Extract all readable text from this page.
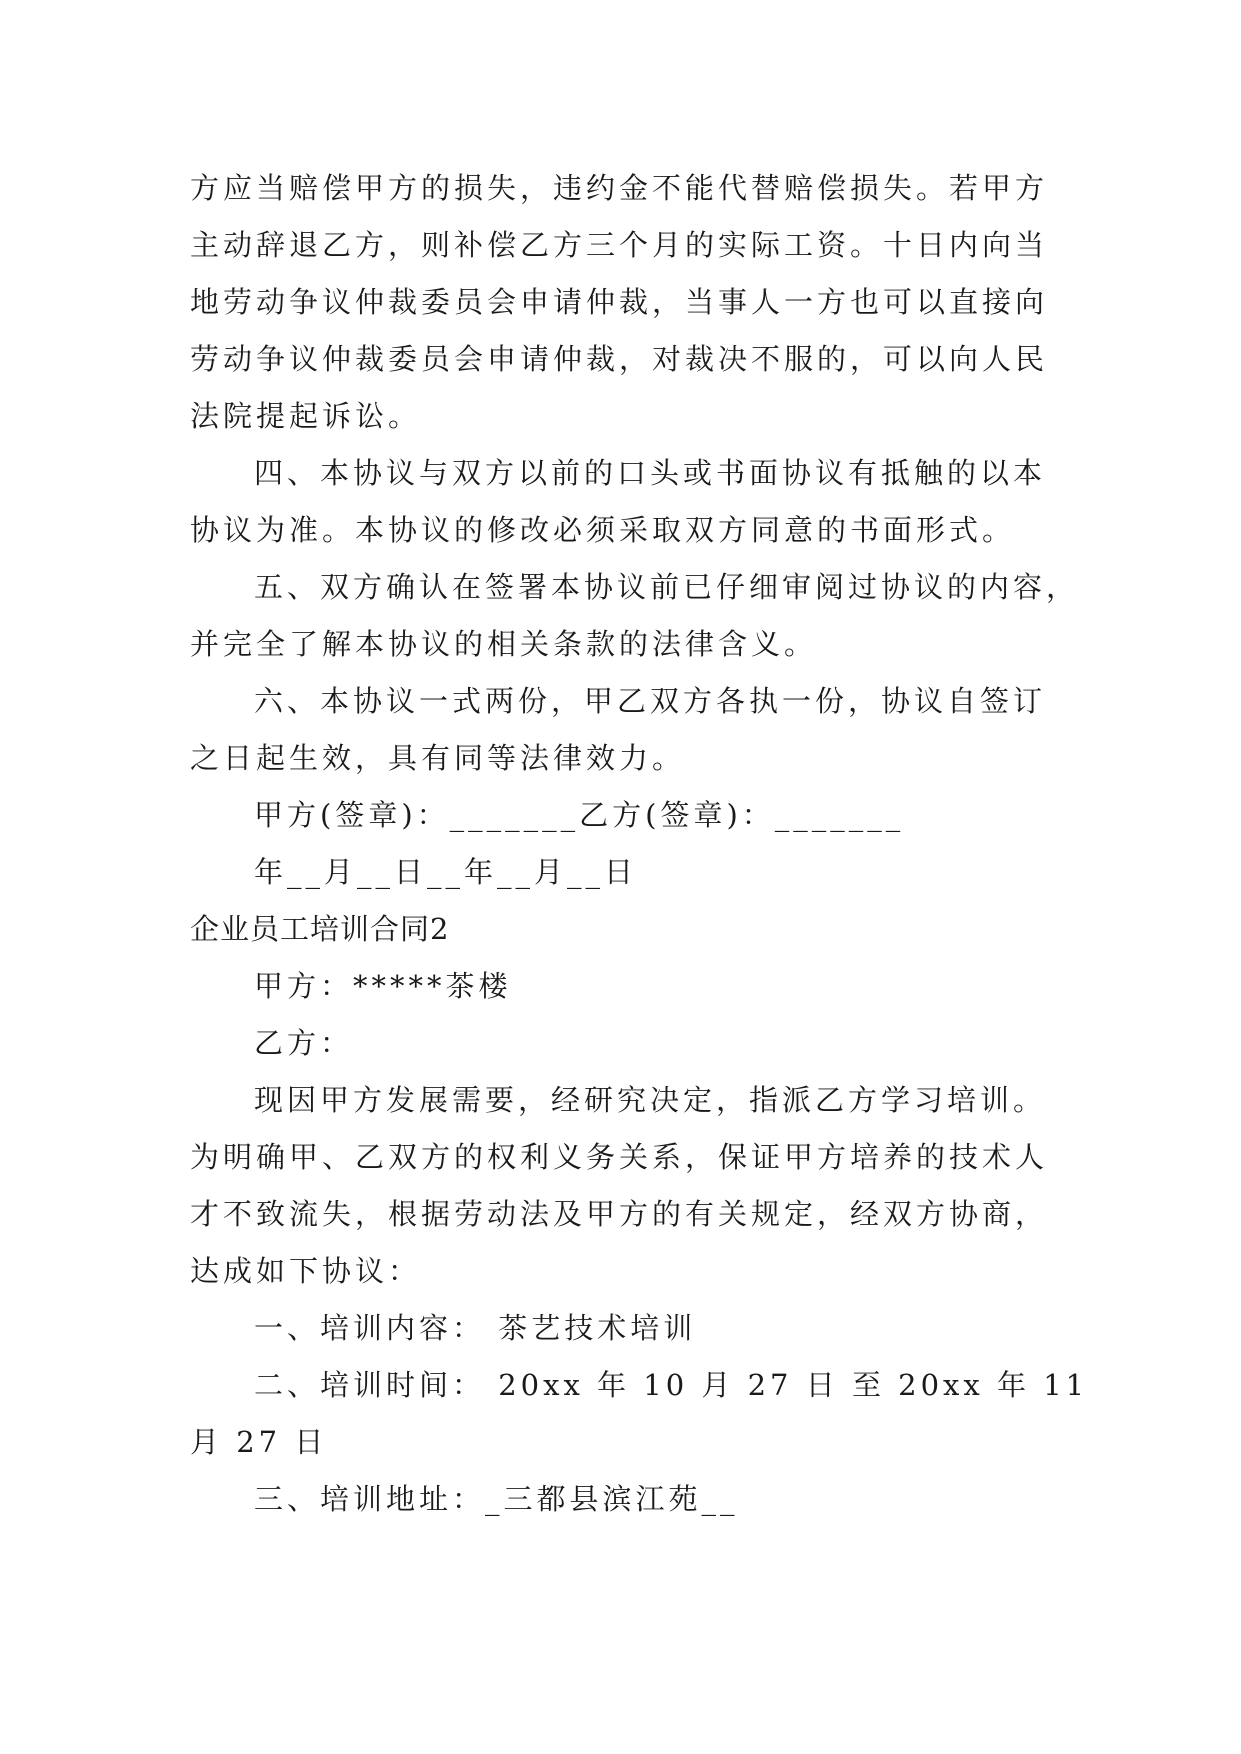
方应当赔偿甲方的损失，违约金不能代替赔偿损失。若甲方
主动辞退乙方，则补偿乙方三个月的实际工资。十日内向当
地劳动争议仲裁委员会申请仲裁，当事人一方也可以直接向
劳动争议仲裁委员会申请仲裁，对裁决不服的，可以向人民
法院提起诉讼。
四、本协议与双方以前的口头或书面协议有抵触的以本
协议为准。本协议的修改必须采取双方同意的书面形式。
五、双方确认在签署本协议前已仔细审阅过协议的内容，
并完全了解本协议的相关条款的法律含义。
六、本协议一式两份，甲乙双方各执一份，协议自签订
之日起生效，具有同等法律效力。
甲方(签章)：_______乙方(签章)：_______
年__月__日__年__月__日
企业员工培训合同2
甲方：*****茶楼
乙方：
现因甲方发展需要，经研究决定，指派乙方学习培训。
为明确甲、乙双方的权利义务关系，保证甲方培养的技术人
才不致流失，根据劳动法及甲方的有关规定，经双方协商，
达成如下协议：
一、培训内容： 茶艺技术培训
二、培训时间： 20xx 年 10 月 27 日 至 20xx 年 11
月 27 日
三、培训地址：_三都县滨江苑__
